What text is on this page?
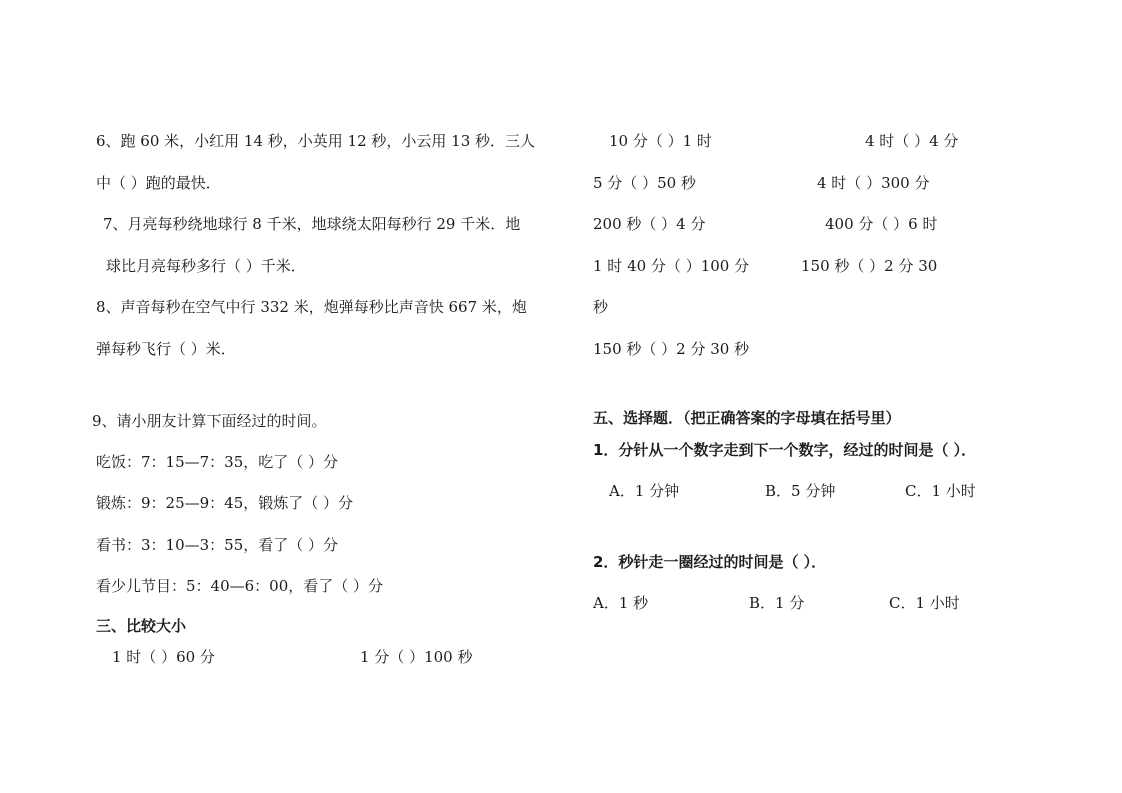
6、跑 60 米，小红用 14 秒，小英用 12 秒，小云用 13 秒．三人
中（ ）跑的最快．
7、月亮每秒绕地球行 8 千米，地球绕太阳每秒行 29 千米．地
球比月亮每秒多行（ ）千米．
8、声音每秒在空气中行 332 米，炮弹每秒比声音快 667 米，炮
弹每秒飞行（ ）米．
9、请小朋友计算下面经过的时间。
吃饭：7：15—7：35，吃了（ ）分
锻炼：9：25—9：45，锻炼了（ ）分
看书：3：10—3：55，看了（ ）分
看少儿节目：5：40—6：00，看了（ ）分
三、比较大小
1 时（ ）60 分	1 分（ ）100 秒
10 分（ ）1 时	4 时（ ）4 分
5 分（ ）50 秒	4 时（ ）300 分
200 秒（ ）4 分	400 分（ ）6 时
1 时 40 分（ ）100 分	150 秒（ ）2 分 30
秒
150 秒（ ）2 分 30 秒
五、选择题．（把正确答案的字母填在括号里）
1．分针从一个数字走到下一个数字，经过的时间是（ ）．
A．1 分钟	B．5 分钟	C．1 小时
2．秒针走一圈经过的时间是（ ）．
A．1 秒	B．1 分	C．1 小时
